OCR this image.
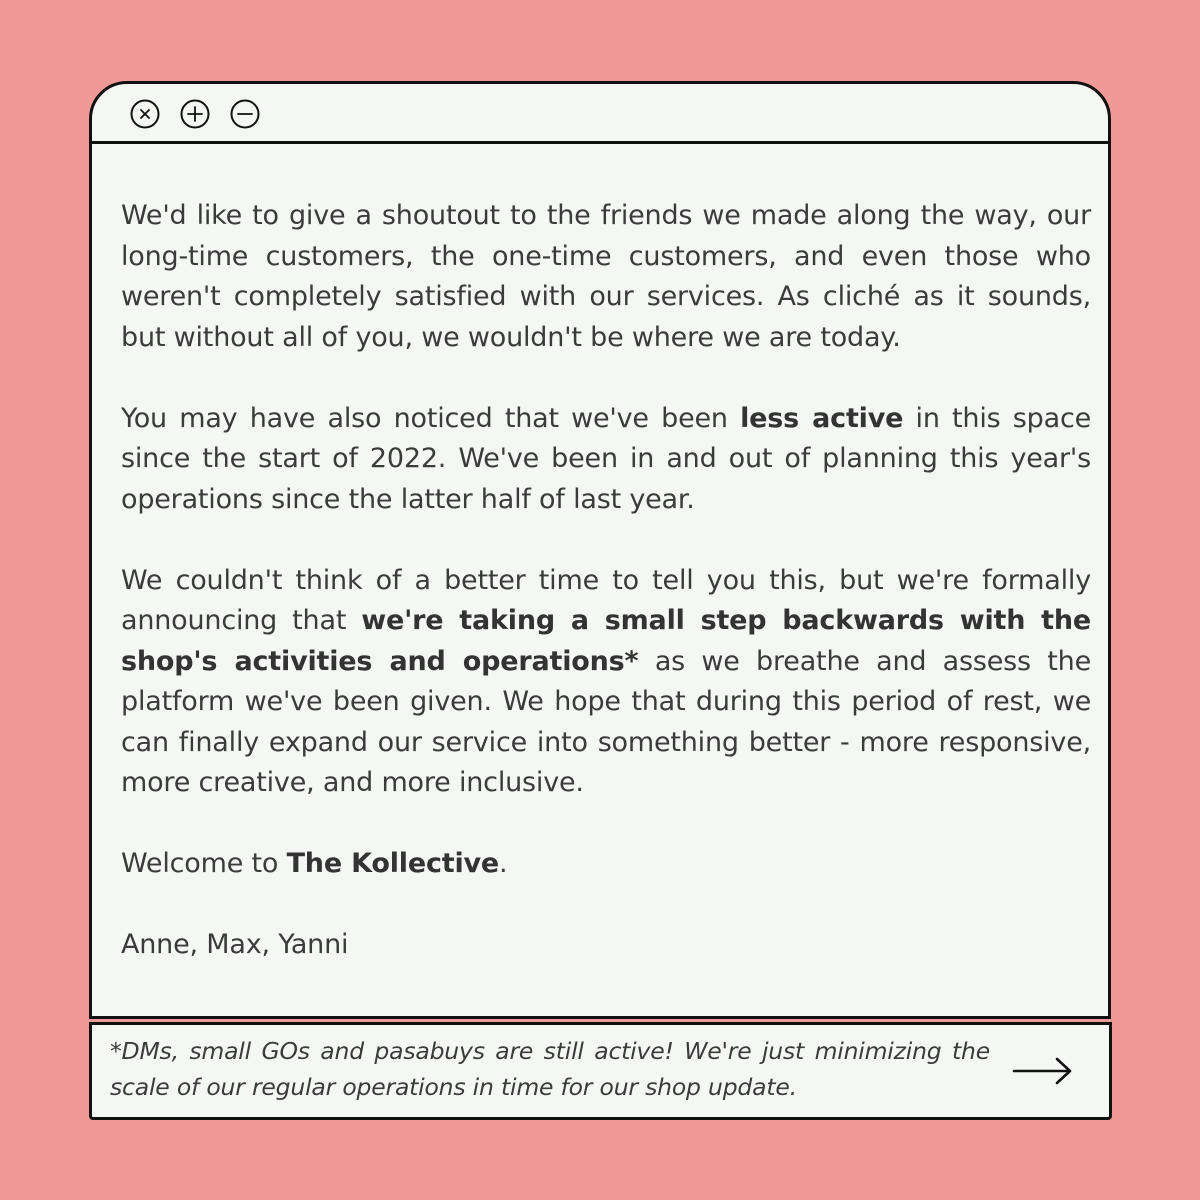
We'd like to give a shoutout to the friends we made along the way, our long-time customers, the one-time customers, and even those who weren't completely satisfied with our services. As cliché as it sounds, but without all of you, we wouldn't be where we are today.

You may have also noticed that we've been less active in this space since the start of 2022. We've been in and out of planning this year's operations since the latter half of last year.

We couldn't think of a better time to tell you this, but we're formally announcing that we're taking a small step backwards with the shop's activities and operations* as we breathe and assess the platform we've been given. We hope that during this period of rest, we can finally expand our service into something better - more responsive, more creative, and more inclusive.

Welcome to The Kollective.

Anne, Max, Yanni

*DMs, small GOs and pasabuys are still active! We're just minimizing the scale of our regular operations in time for our shop update.
